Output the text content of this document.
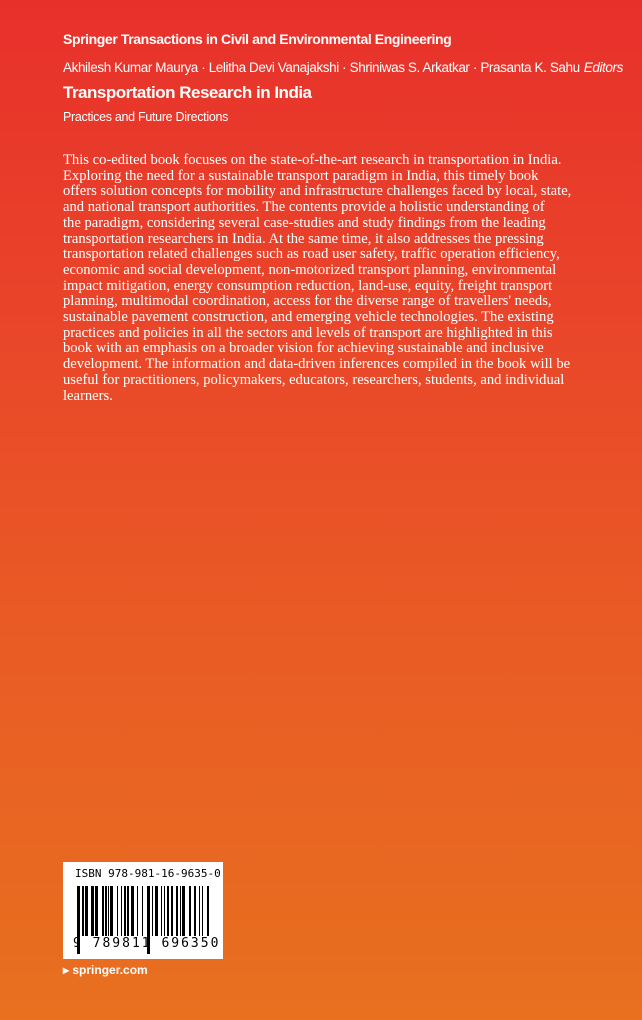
Springer Transactions in Civil and Environmental Engineering
Akhilesh Kumar Maurya · Lelitha Devi Vanajakshi · Shriniwas S. Arkatkar · Prasanta K. Sahu Editors
Transportation Research in India
Practices and Future Directions
This co-edited book focuses on the state-of-the-art research in transportation in India.
Exploring the need for a sustainable transport paradigm in India, this timely book
offers solution concepts for mobility and infrastructure challenges faced by local, state,
and national transport authorities. The contents provide a holistic understanding of
the paradigm, considering several case-studies and study findings from the leading
transportation researchers in India. At the same time, it also addresses the pressing
transportation related challenges such as road user safety, traffic operation efficiency,
economic and social development, non-motorized transport planning, environmental
impact mitigation, energy consumption reduction, land-use, equity, freight transport
planning, multimodal coordination, access for the diverse range of travellers' needs,
sustainable pavement construction, and emerging vehicle technologies. The existing
practices and policies in all the sectors and levels of transport are highlighted in this
book with an emphasis on a broader vision for achieving sustainable and inclusive
development. The information and data-driven inferences compiled in the book will be
useful for practitioners, policymakers, educators, researchers, students, and individual
learners.
ISBN 978-981-16-9635-0
9 789811 696350
▸ springer.com
